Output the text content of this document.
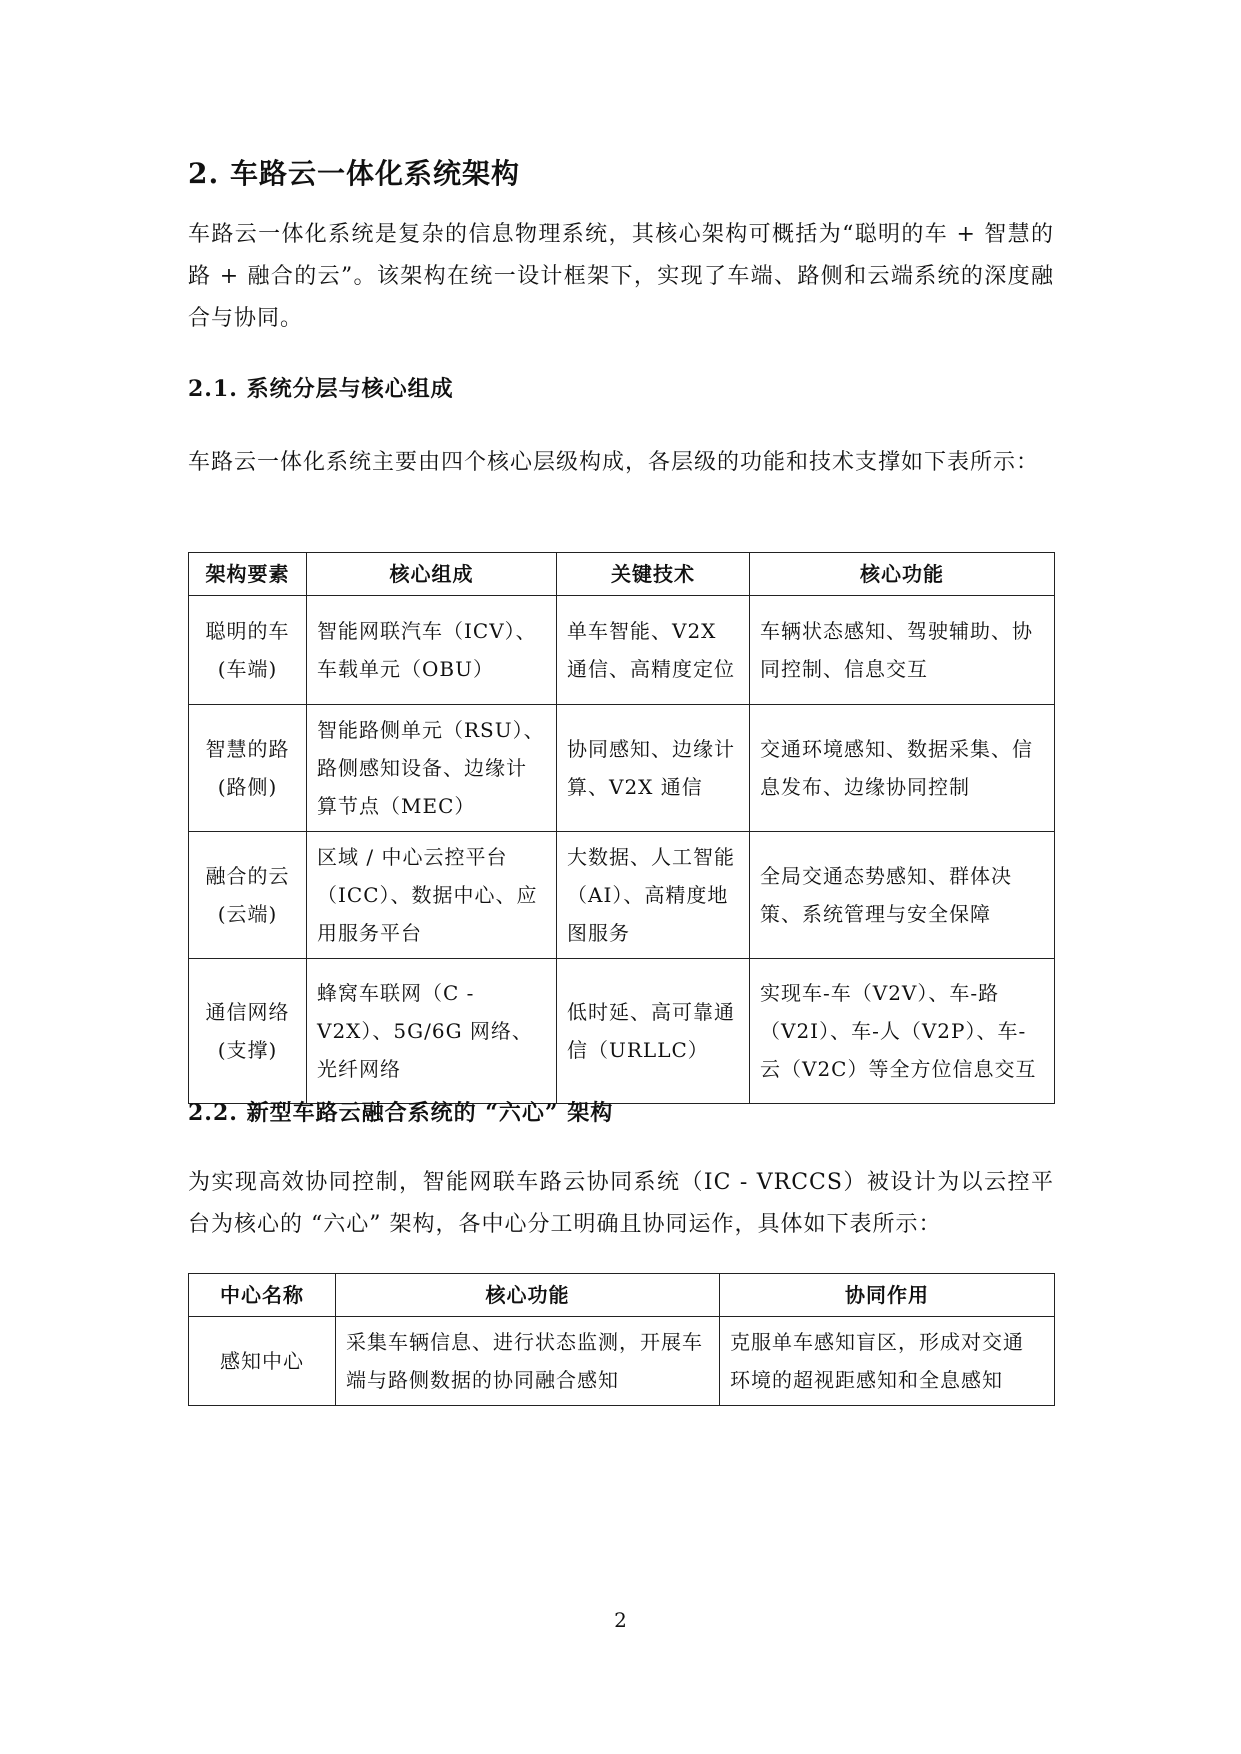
2. 车路云一体化系统架构

车路云一体化系统是复杂的信息物理系统，其核心架构可概括为“聪明的车 + 智慧的路 + 融合的云”。该架构在统一设计框架下，实现了车端、路侧和云端系统的深度融合与协同。

2.1. 系统分层与核心组成

车路云一体化系统主要由四个核心层级构成，各层级的功能和技术支撑如下表所示：

架构要素	核心组成	关键技术	核心功能
聪明的车
(车端)	智能网联汽车（ICV）、车载单元（OBU）	单车智能、V2X 通信、高精度定位	车辆状态感知、驾驶辅助、协同控制、信息交互
智慧的路
(路侧)	智能路侧单元（RSU）、路侧感知设备、边缘计算节点（MEC）	协同感知、边缘计算、V2X 通信	交通环境感知、数据采集、信息发布、边缘协同控制
融合的云
(云端)	区域 / 中心云控平台（ICC）、数据中心、应用服务平台	大数据、人工智能（AI）、高精度地图服务	全局交通态势感知、群体决策、系统管理与安全保障
通信网络
(支撑)	蜂窝车联网（C - V2X）、5G/6G 网络、光纤网络	低时延、高可靠通信（URLLC）	实现车-车（V2V）、车-路（V2I）、车-人（V2P）、车-云（V2C）等全方位信息交互
2.2. 新型车路云融合系统的 “六心” 架构

为实现高效协同控制，智能网联车路云协同系统（IC - VRCCS）被设计为以云控平台为核心的 “六心” 架构，各中心分工明确且协同运作，具体如下表所示：

中心名称	核心功能	协同作用
感知中心	采集车辆信息、进行状态监测，开展车端与路侧数据的协同融合感知	克服单车感知盲区，形成对交通环境的超视距感知和全息感知
2
